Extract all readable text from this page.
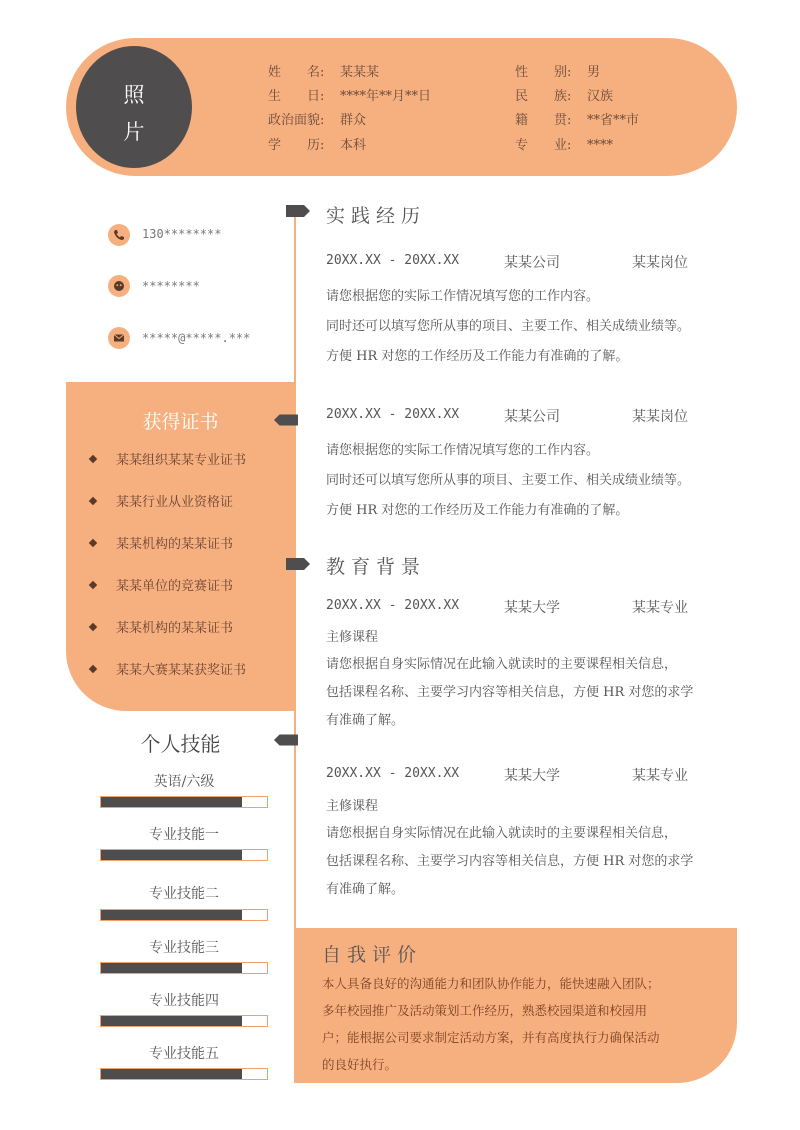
照
片
姓　　名: 某某某	性　　别: 男
生　　日: ****年**月**日	民　　族: 汉族
政治面貌: 群众	籍　　贯: **省**市
学　　历: 本科	专　　业: ****
130********
********
*****@*****.***
获得证书
某某组织某某专业证书
某某行业从业资格证
某某机构的某某证书
某某单位的竞赛证书
某某机构的某某证书
某某大赛某某获奖证书
个人技能
英语/六级
专业技能一
专业技能二
专业技能三
专业技能四
专业技能五
实践经历
20XX.XX - 20XX.XX	某某公司	某某岗位
请您根据您的实际工作情况填写您的工作内容。
同时还可以填写您所从事的项目、主要工作、相关成绩业绩等。
方便 HR 对您的工作经历及工作能力有准确的了解。
20XX.XX - 20XX.XX	某某公司	某某岗位
请您根据您的实际工作情况填写您的工作内容。
同时还可以填写您所从事的项目、主要工作、相关成绩业绩等。
方便 HR 对您的工作经历及工作能力有准确的了解。
教育背景
20XX.XX - 20XX.XX	某某大学	某某专业
主修课程
请您根据自身实际情况在此输入就读时的主要课程相关信息，
包括课程名称、主要学习内容等相关信息，方便 HR 对您的求学
有准确了解。
20XX.XX - 20XX.XX	某某大学	某某专业
主修课程
请您根据自身实际情况在此输入就读时的主要课程相关信息，
包括课程名称、主要学习内容等相关信息，方便 HR 对您的求学
有准确了解。
自我评价
本人具备良好的沟通能力和团队协作能力，能快速融入团队；
多年校园推广及活动策划工作经历，熟悉校园渠道和校园用
户；能根据公司要求制定活动方案，并有高度执行力确保活动
的良好执行。
